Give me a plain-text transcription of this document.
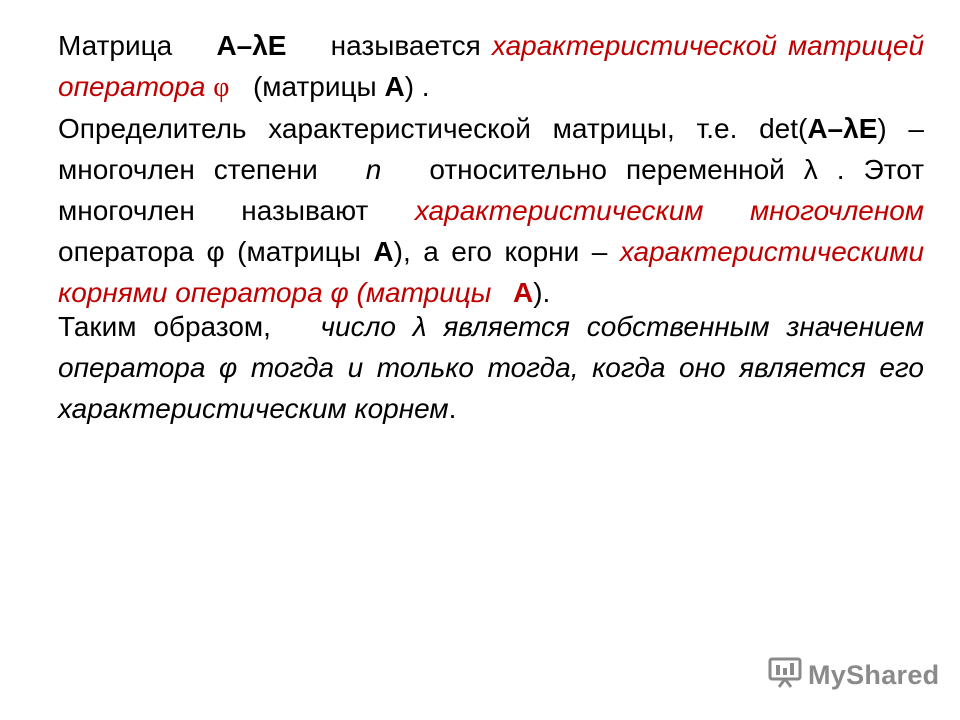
Матрица A–λE называется характеристической матрицей оператора φ (матрицы A) .
Определитель характеристической матрицы, т.е. det(A–λE) – многочлен степени n относительно переменной λ . Этот многочлен называют характеристическим многочленом оператора φ (матрицы A), а его корни – характеристическими корнями оператора φ (матрицы A).
Таким образом, число λ является собственным значением оператора φ тогда и только тогда, когда оно является его характеристическим корнем.
MyShared
